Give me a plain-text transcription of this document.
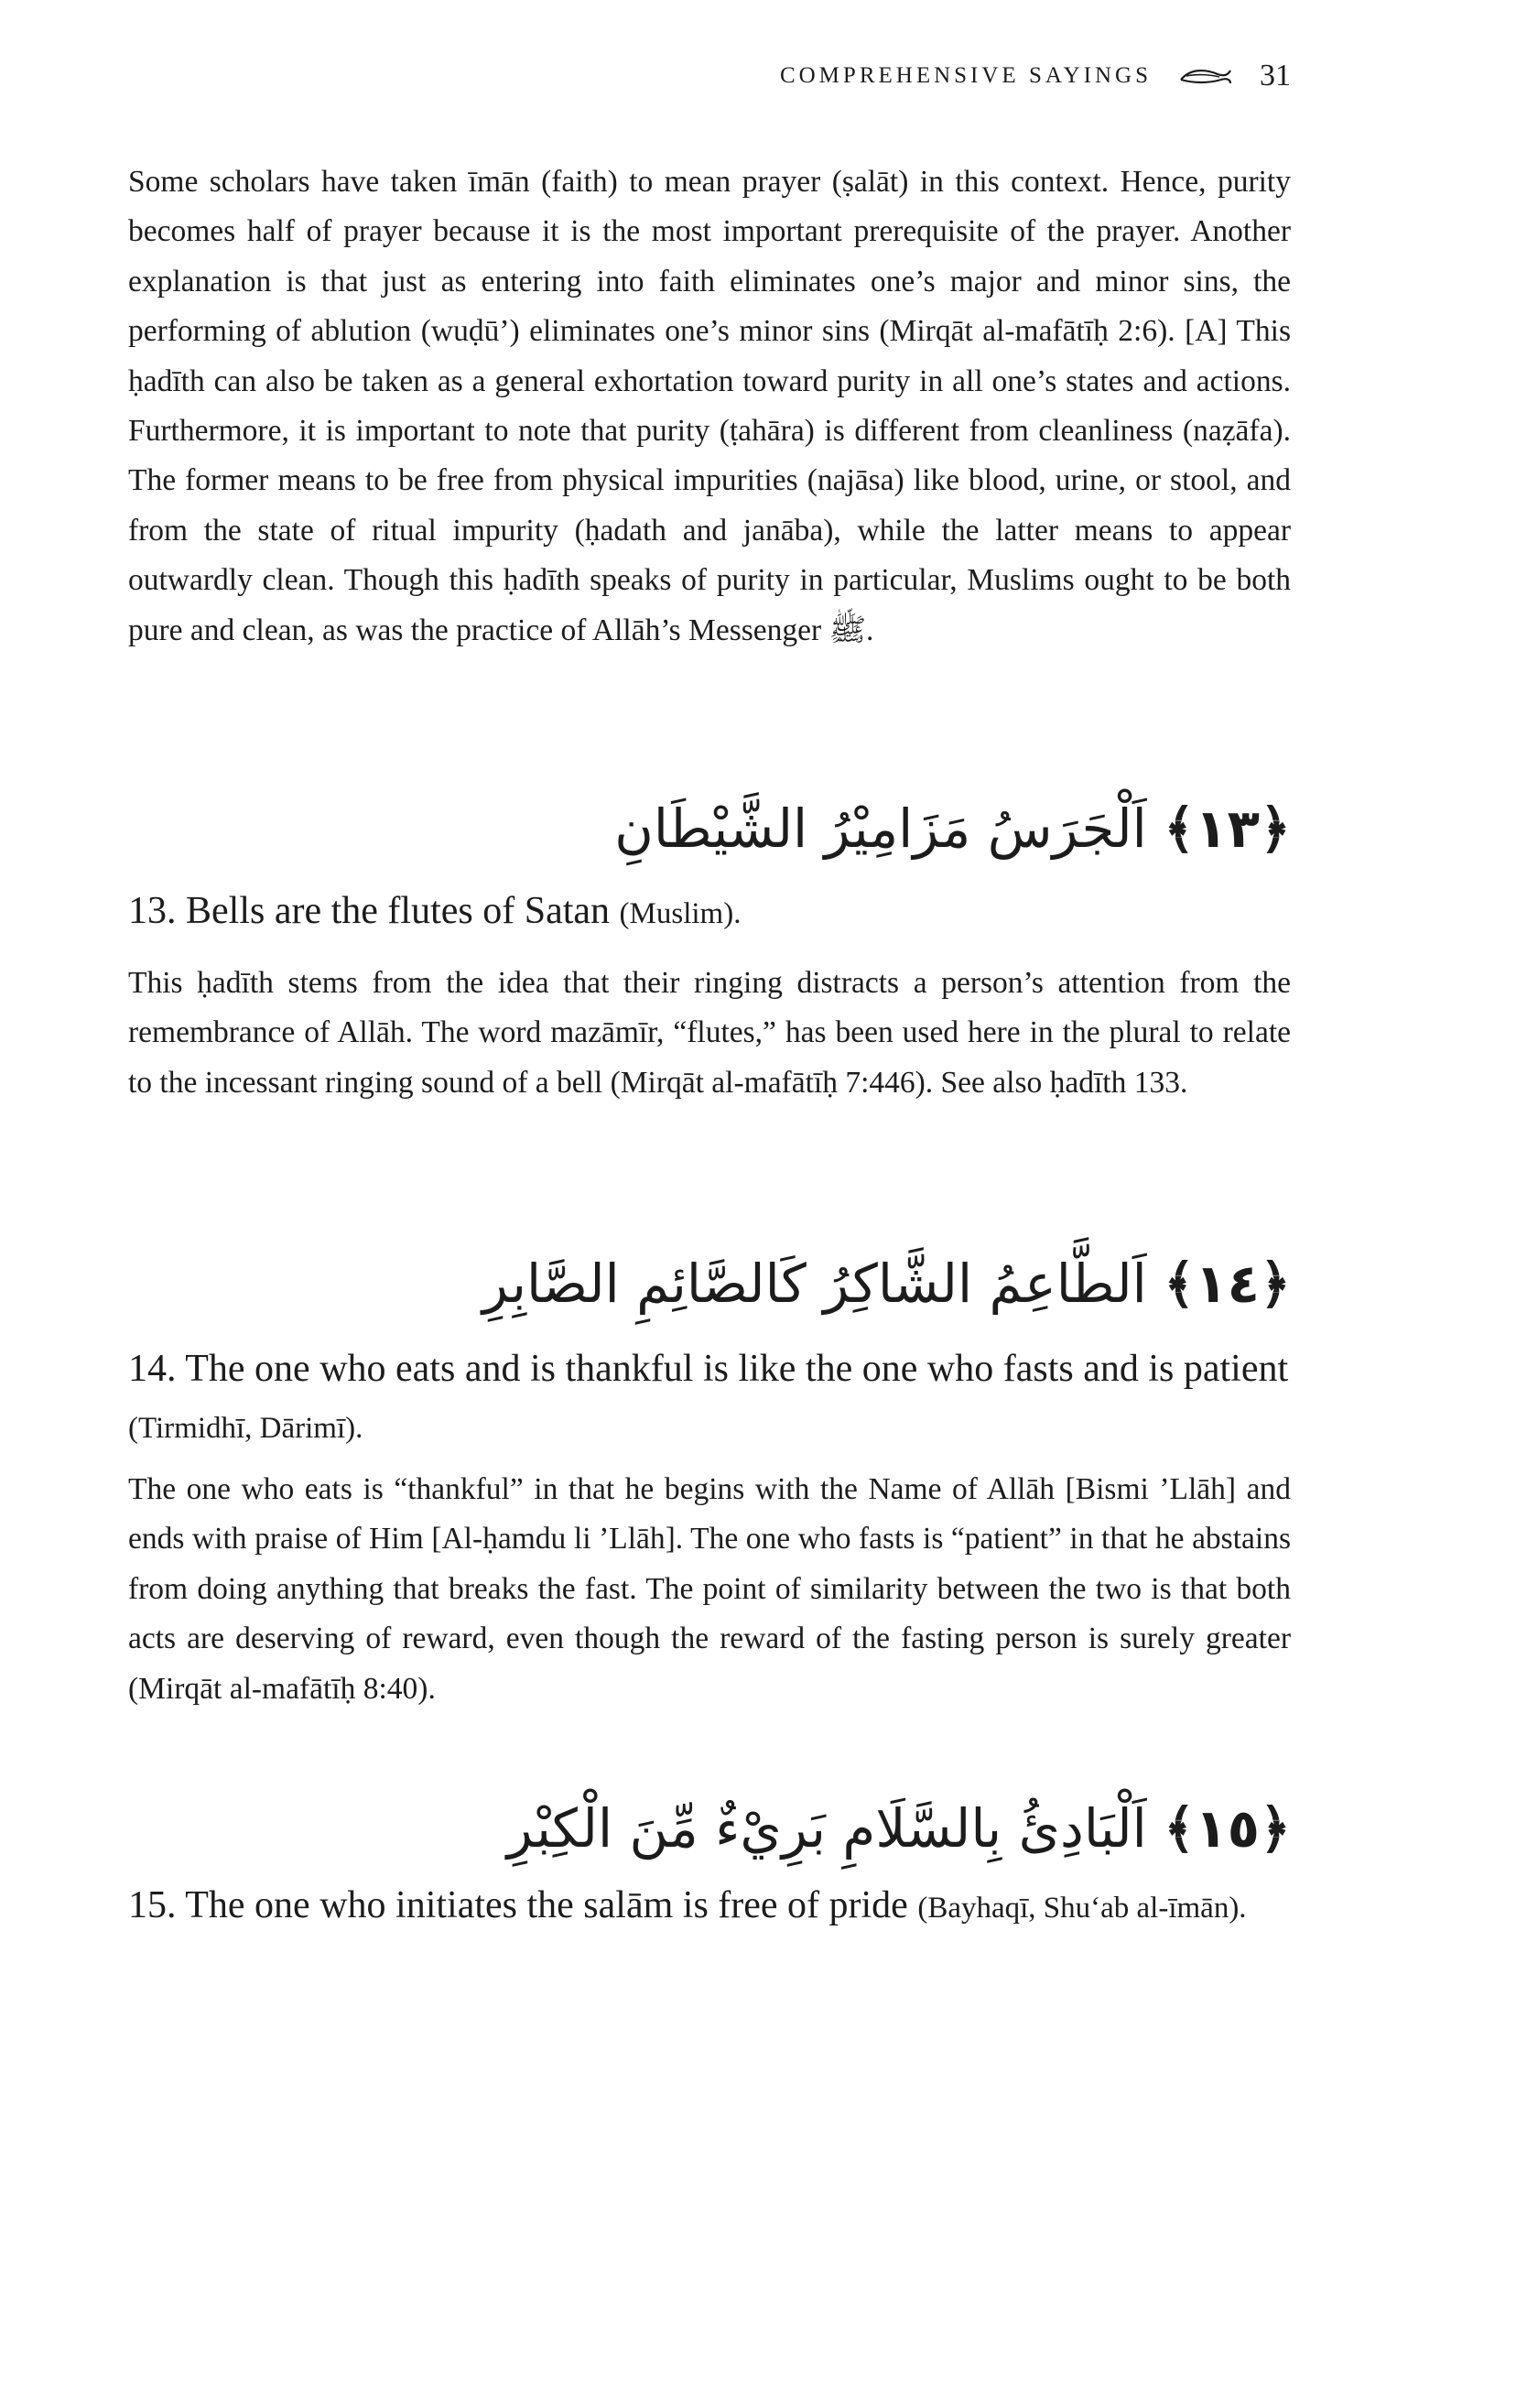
COMPREHENSIVE SAYINGS	31

Some scholars have taken īmān (faith) to mean prayer (ṣalāt) in this context. Hence, purity becomes half of prayer because it is the most important prerequisite of the prayer. Another explanation is that just as entering into faith eliminates one’s major and minor sins, the performing of ablution (wuḍū’) eliminates one’s minor sins (Mirqāt al-mafātīḥ 2:6). [A] This ḥadīth can also be taken as a general exhortation toward purity in all one’s states and actions. Furthermore, it is important to note that purity (ṭahāra) is different from cleanliness (naẓāfa). The former means to be free from physical impurities (najāsa) like blood, urine, or stool, and from the state of ritual impurity (ḥadath and janāba), while the latter means to appear outwardly clean. Though this ḥadīth speaks of purity in particular, Muslims ought to be both pure and clean, as was the practice of Allāh’s Messenger ﷺ.

﴿١٣﴾ اَلْجَرَسُ مَزَامِيْرُ الشَّيْطَانِ

13. Bells are the flutes of Satan (Muslim).

This ḥadīth stems from the idea that their ringing distracts a person’s attention from the remembrance of Allāh. The word mazāmīr, “flutes,” has been used here in the plural to relate to the incessant ringing sound of a bell (Mirqāt al-mafātīḥ 7:446). See also ḥadīth 133.

﴿١٤﴾ اَلطَّاعِمُ الشَّاكِرُ كَالصَّائِمِ الصَّابِرِ

14. The one who eats and is thankful is like the one who fasts and is patient (Tirmidhī, Dārimī).

The one who eats is “thankful” in that he begins with the Name of Allāh [Bismi ’Llāh] and ends with praise of Him [Al-ḥamdu li ’Llāh]. The one who fasts is “patient” in that he abstains from doing anything that breaks the fast. The point of similarity between the two is that both acts are deserving of reward, even though the reward of the fasting person is surely greater (Mirqāt al-mafātīḥ 8:40).

﴿١٥﴾ اَلْبَادِئُ بِالسَّلَامِ بَرِيْءٌ مِّنَ الْكِبْرِ

15. The one who initiates the salām is free of pride (Bayhaqī, Shu‘ab al-īmān).
